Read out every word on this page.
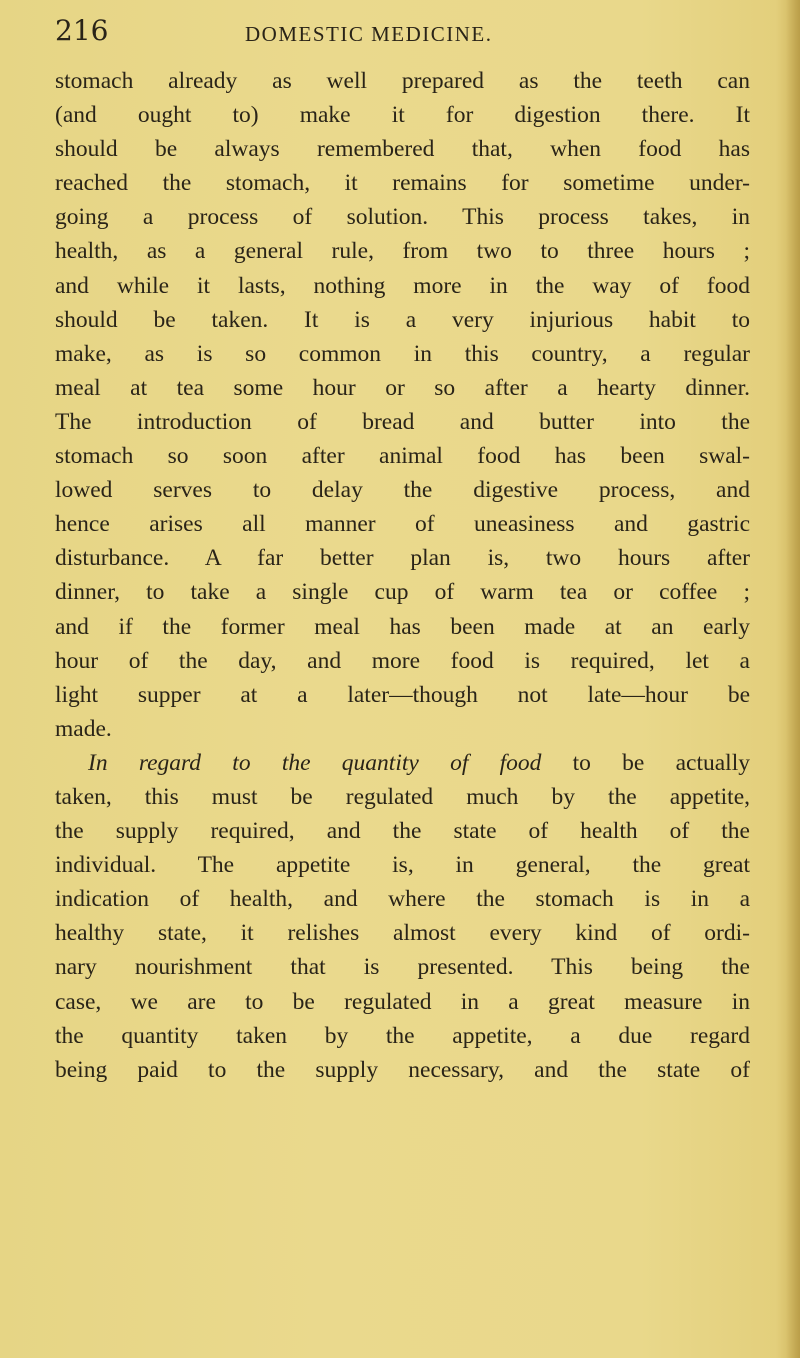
216	DOMESTIC MEDICINE.
stomach already as well prepared as the teeth can
(and ought to) make it for digestion there. It
should be always remembered that, when food has
reached the stomach, it remains for sometime under-
going a process of solution. This process takes, in
health, as a general rule, from two to three hours ;
and while it lasts, nothing more in the way of food
should be taken. It is a very injurious habit to
make, as is so common in this country, a regular
meal at tea some hour or so after a hearty dinner.
The introduction of bread and butter into the
stomach so soon after animal food has been swal-
lowed serves to delay the digestive process, and
hence arises all manner of uneasiness and gastric
disturbance. A far better plan is, two hours after
dinner, to take a single cup of warm tea or coffee ;
and if the former meal has been made at an early
hour of the day, and more food is required, let a
light supper at a later—though not late—hour be
made.
In regard to the quantity of food to be actually
taken, this must be regulated much by the appetite,
the supply required, and the state of health of the
individual. The appetite is, in general, the great
indication of health, and where the stomach is in a
healthy state, it relishes almost every kind of ordi-
nary nourishment that is presented. This being the
case, we are to be regulated in a great measure in
the quantity taken by the appetite, a due regard
being paid to the supply necessary, and the state of
